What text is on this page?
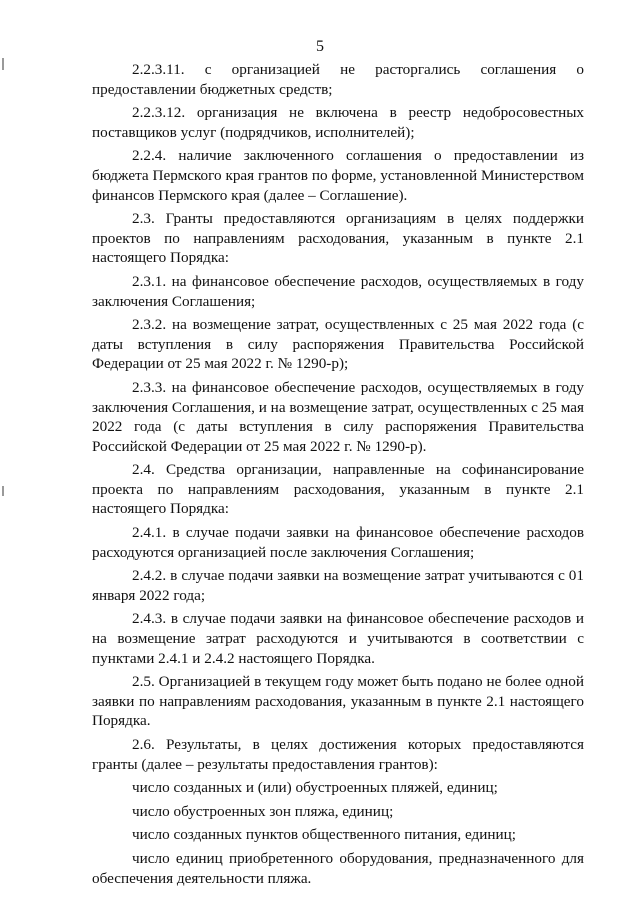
5

2.2.3.11. с организацией не расторгались соглашения о предоставлении бюджетных средств;

2.2.3.12. организация не включена в реестр недобросовестных поставщиков услуг (подрядчиков, исполнителей);

2.2.4. наличие заключенного соглашения о предоставлении из бюджета Пермского края грантов по форме, установленной Министерством финансов Пермского края (далее – Соглашение).

2.3. Гранты предоставляются организациям в целях поддержки проектов по направлениям расходования, указанным в пункте 2.1 настоящего Порядка:

2.3.1. на финансовое обеспечение расходов, осуществляемых в году заключения Соглашения;

2.3.2. на возмещение затрат, осуществленных с 25 мая 2022 года (с даты вступления в силу распоряжения Правительства Российской Федерации от 25 мая 2022 г. № 1290-р);

2.3.3. на финансовое обеспечение расходов, осуществляемых в году заключения Соглашения, и на возмещение затрат, осуществленных с 25 мая 2022 года (с даты вступления в силу распоряжения Правительства Российской Федерации от 25 мая 2022 г. № 1290-р).

2.4. Средства организации, направленные на софинансирование проекта по направлениям расходования, указанным в пункте 2.1 настоящего Порядка:

2.4.1. в случае подачи заявки на финансовое обеспечение расходов расходуются организацией после заключения Соглашения;

2.4.2. в случае подачи заявки на возмещение затрат учитываются с 01 января 2022 года;

2.4.3. в случае подачи заявки на финансовое обеспечение расходов и на возмещение затрат расходуются и учитываются в соответствии с пунктами 2.4.1 и 2.4.2 настоящего Порядка.

2.5. Организацией в текущем году может быть подано не более одной заявки по направлениям расходования, указанным в пункте 2.1 настоящего Порядка.

2.6. Результаты, в целях достижения которых предоставляются гранты (далее – результаты предоставления грантов):

число созданных и (или) обустроенных пляжей, единиц;

число обустроенных зон пляжа, единиц;

число созданных пунктов общественного питания, единиц;

число единиц приобретенного оборудования, предназначенного для обеспечения деятельности пляжа.
